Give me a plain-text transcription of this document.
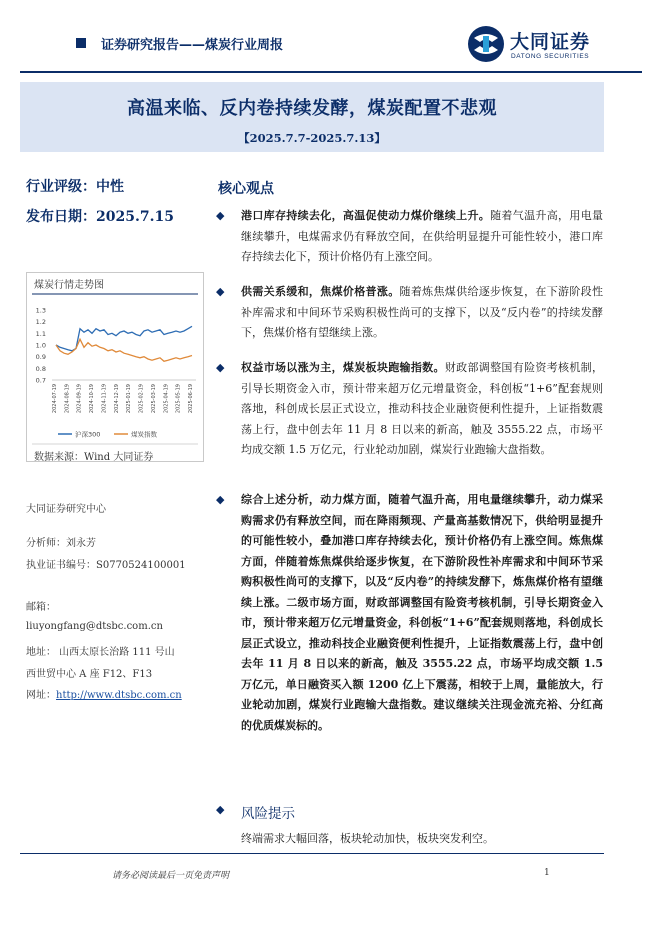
证券研究报告——煤炭行业周报	大同证券
DATONG SECURITIES
高温来临、反内卷持续发酵，煤炭配置不悲观
【2025.7.7-2025.7.13】
行业评级：中性
发布日期：2025.7.15
1.3
1.2
1.1
1.0
0.9
0.8
0.7
2024-07-19 2024-08-19 2024-09-19 2024-10-19 2024-11-19 2024-12-19 2025-01-19 2025-02-19 2025-03-19 2025-04-19 2025-05-19 2025-06-19
沪深300	煤炭指数
煤炭行情走势图
数据来源：Wind 大同证券
大同证券研究中心
分析师：刘永芳
执业证书编号：S0770524100001
邮箱：
liuyongfang@dtsbc.com.cn
地址： 山西太原长治路 111 号山
西世贸中心 A 座 F12、F13
网址：http://www.dtsbc.com.cn
核心观点
◆ 港口库存持续去化，高温促使动力煤价继续上升。随着气温升高，用电量继续攀升，电煤需求仍有释放空间，在供给明显提升可能性较小，港口库存持续去化下，预计价格仍有上涨空间。
◆ 供需关系缓和，焦煤价格普涨。随着炼焦煤供给逐步恢复，在下游阶段性补库需求和中间环节采购积极性尚可的支撑下，以及“反内卷”的持续发酵下，焦煤价格有望继续上涨。
◆ 权益市场以涨为主，煤炭板块跑输指数。财政部调整国有险资考核机制，引导长期资金入市，预计带来超万亿元增量资金，科创板“1+6”配套规则落地，科创成长层正式设立，推动科技企业融资便利性提升，上证指数震荡上行，盘中创去年 11 月 8 日以来的新高，触及 3555.22 点，市场平均成交额 1.5 万亿元，行业轮动加剧，煤炭行业跑输大盘指数。
◆ 综合上述分析，动力煤方面，随着气温升高，用电量继续攀升，动力煤采购需求仍有释放空间，而在降雨频现、产量高基数情况下，供给明显提升的可能性较小，叠加港口库存持续去化，预计价格仍有上涨空间。炼焦煤方面，伴随着炼焦煤供给逐步恢复，在下游阶段性补库需求和中间环节采购积极性尚可的支撑下，以及“反内卷”的持续发酵下，炼焦煤价格有望继续上涨。二级市场方面，财政部调整国有险资考核机制，引导长期资金入市，预计带来超万亿元增量资金，科创板“1+6”配套规则落地，科创成长层正式设立，推动科技企业融资便利性提升，上证指数震荡上行，盘中创去年 11 月 8 日以来的新高，触及 3555.22 点，市场平均成交额 1.5 万亿元，单日融资买入额 1200 亿上下震荡，相较于上周，量能放大，行业轮动加剧，煤炭行业跑输大盘指数。建议继续关注现金流充裕、分红高的优质煤炭标的。
◆ 风险提示
终端需求大幅回落，板块轮动加快，板块突发利空。
请务必阅读最后一页免责声明	1
